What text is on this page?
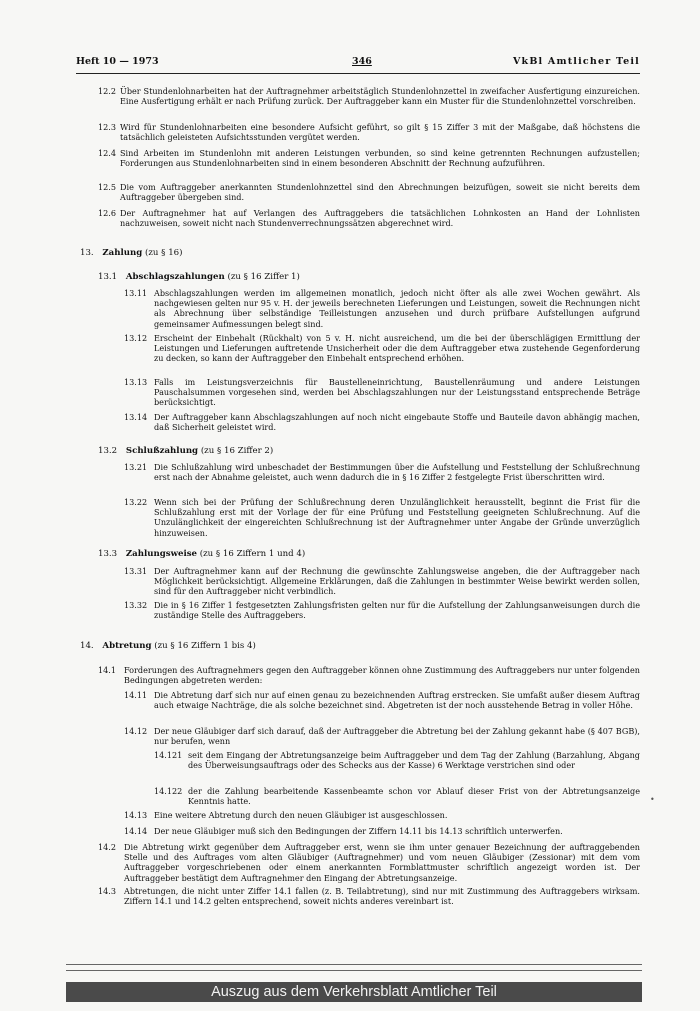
Heft 10 — 1973	346	VkBl Amtlicher Teil
12.2 Über Stundenlohnarbeiten hat der Auftragnehmer arbeitstäglich Stundenlohnzettel in zweifacher Ausfertigung einzureichen. Eine Ausfertigung erhält er nach Prüfung zurück. Der Auftraggeber kann ein Muster für die Stundenlohnzettel vorschreiben.
12.3 Wird für Stundenlohnarbeiten eine besondere Aufsicht geführt, so gilt § 15 Ziffer 3 mit der Maßgabe, daß höchstens die tatsächlich geleisteten Aufsichtsstunden vergütet werden.
12.4 Sind Arbeiten im Stundenlohn mit anderen Leistungen verbunden, so sind keine getrennten Rechnungen aufzustellen; Forderungen aus Stundenlohnarbeiten sind in einem besonderen Abschnitt der Rechnung aufzuführen.
12.5 Die vom Auftraggeber anerkannten Stundenlohnzettel sind den Abrechnungen beizufügen, soweit sie nicht bereits dem Auftraggeber übergeben sind.
12.6 Der Auftragnehmer hat auf Verlangen des Auftraggebers die tatsächlichen Lohnkosten an Hand der Lohnlisten nachzuweisen, soweit nicht nach Stundenverrechnungssätzen abgerechnet wird.
13. Zahlung (zu § 16)
13.1 Abschlagszahlungen (zu § 16 Ziffer 1)
13.11 Abschlagszahlungen werden im allgemeinen monatlich, jedoch nicht öfter als alle zwei Wochen gewährt. Als nachgewiesen gelten nur 95 v. H. der jeweils berechneten Lieferungen und Leistungen, soweit die Rechnungen nicht als Abrechnung über selbständige Teilleistungen anzusehen und durch prüfbare Aufstellungen aufgrund gemeinsamer Aufmessungen belegt sind.
13.12 Erscheint der Einbehalt (Rückhalt) von 5 v. H. nicht ausreichend, um die bei der überschlägigen Ermittlung der Leistungen und Lieferungen auftretende Unsicherheit oder die dem Auftraggeber etwa zustehende Gegenforderung zu decken, so kann der Auftraggeber den Einbehalt entsprechend erhöhen.
13.13 Falls im Leistungsverzeichnis für Baustelleneinrichtung, Baustellenräumung und andere Leistungen Pauschalsummen vorgesehen sind, werden bei Abschlagszahlungen nur der Leistungsstand entsprechende Beträge berücksichtigt.
13.14 Der Auftraggeber kann Abschlagszahlungen auf noch nicht eingebaute Stoffe und Bauteile davon abhängig machen, daß Sicherheit geleistet wird.
13.2 Schlußzahlung (zu § 16 Ziffer 2)
13.21 Die Schlußzahlung wird unbeschadet der Bestimmungen über die Aufstellung und Feststellung der Schlußrechnung erst nach der Abnahme geleistet, auch wenn dadurch die in § 16 Ziffer 2 festgelegte Frist überschritten wird.
13.22 Wenn sich bei der Prüfung der Schlußrechnung deren Unzulänglichkeit herausstellt, beginnt die Frist für die Schlußzahlung erst mit der Vorlage der für eine Prüfung und Feststellung geeigneten Schlußrechnung. Auf die Unzulänglichkeit der eingereichten Schlußrechnung ist der Auftragnehmer unter Angabe der Gründe unverzüglich hinzuweisen.
13.3 Zahlungsweise (zu § 16 Ziffern 1 und 4)
13.31 Der Auftragnehmer kann auf der Rechnung die gewünschte Zahlungsweise angeben, die der Auftraggeber nach Möglichkeit berücksichtigt. Allgemeine Erklärungen, daß die Zahlungen in bestimmter Weise bewirkt werden sollen, sind für den Auftraggeber nicht verbindlich.
13.32 Die in § 16 Ziffer 1 festgesetzten Zahlungsfristen gelten nur für die Aufstellung der Zahlungsanweisungen durch die zuständige Stelle des Auftraggebers.
14. Abtretung (zu § 16 Ziffern 1 bis 4)
14.1 Forderungen des Auftragnehmers gegen den Auftraggeber können ohne Zustimmung des Auftraggebers nur unter folgenden Bedingungen abgetreten werden:
14.11 Die Abtretung darf sich nur auf einen genau zu bezeichnenden Auftrag erstrecken. Sie umfaßt außer diesem Auftrag auch etwaige Nachträge, die als solche bezeichnet sind. Abgetreten ist der noch ausstehende Betrag in voller Höhe.
14.12 Der neue Gläubiger darf sich darauf, daß der Auftraggeber die Abtretung bei der Zahlung gekannt habe (§ 407 BGB), nur berufen, wenn
14.121 seit dem Eingang der Abtretungsanzeige beim Auftraggeber und dem Tag der Zahlung (Barzahlung, Abgang des Überweisungsauftrags oder des Schecks aus der Kasse) 6 Werktage verstrichen sind oder
14.122 der die Zahlung bearbeitende Kassenbeamte schon vor Ablauf dieser Frist von der Abtretungsanzeige Kenntnis hatte.
14.13 Eine weitere Abtretung durch den neuen Gläubiger ist ausgeschlossen.
14.14 Der neue Gläubiger muß sich den Bedingungen der Ziffern 14.11 bis 14.13 schriftlich unterwerfen.
14.2 Die Abtretung wirkt gegenüber dem Auftraggeber erst, wenn sie ihm unter genauer Bezeichnung der auftraggebenden Stelle und des Auftrages vom alten Gläubiger (Auftragnehmer) und vom neuen Gläubiger (Zessionar) mit dem vom Auftraggeber vorgeschriebenen oder einem anerkannten Formblattmuster schriftlich angezeigt worden ist. Der Auftraggeber bestätigt dem Auftragnehmer den Eingang der Abtretungsanzeige.
14.3 Abtretungen, die nicht unter Ziffer 14.1 fallen (z. B. Teilabtretung), sind nur mit Zustimmung des Auftraggebers wirksam. Ziffern 14.1 und 14.2 gelten entsprechend, soweit nichts anderes vereinbart ist.
•
Auszug aus dem Verkehrsblatt Amtlicher Teil
